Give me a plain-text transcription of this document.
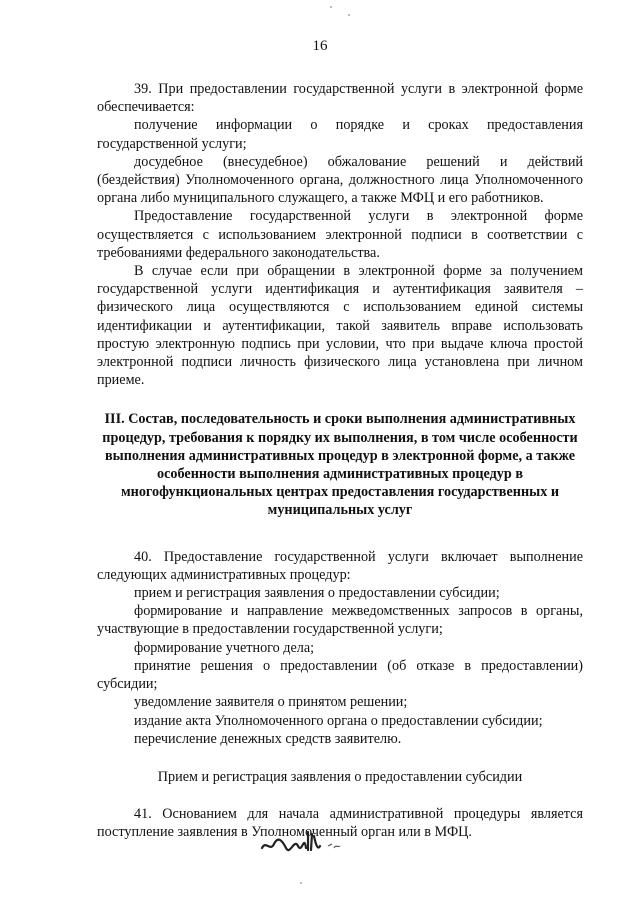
16

39. При предоставлении государственной услуги в электронной форме обеспечивается:

получение информации о порядке и сроках предоставления государственной услуги;

досудебное (внесудебное) обжалование решений и действий (бездействия) Уполномоченного органа, должностного лица Уполномоченного органа либо муниципального служащего, а также МФЦ и его работников.

Предоставление государственной услуги в электронной форме осуществляется с использованием электронной подписи в соответствии с требованиями федерального законодательства.

В случае если при обращении в электронной форме за получением государственной услуги идентификация и аутентификация заявителя – физического лица осуществляются с использованием единой системы идентификации и аутентификации, такой заявитель вправе использовать простую электронную подпись при условии, что при выдаче ключа простой электронной подписи личность физического лица установлена при личном приеме.

III. Состав, последовательность и сроки выполнения административных процедур, требования к порядку их выполнения, в том числе особенности выполнения административных процедур в электронной форме, а также особенности выполнения административных процедур в многофункциональных центрах предоставления государственных и муниципальных услуг

40. Предоставление государственной услуги включает выполнение следующих административных процедур:

прием и регистрация заявления о предоставлении субсидии;

формирование и направление межведомственных запросов в органы, участвующие в предоставлении государственной услуги;

формирование учетного дела;

принятие решения о предоставлении (об отказе в предоставлении) субсидии;

уведомление заявителя о принятом решении;

издание акта Уполномоченного органа о предоставлении субсидии;

перечисление денежных средств заявителю.

Прием и регистрация заявления о предоставлении субсидии

41. Основанием для начала административной процедуры является поступление заявления в Уполномоченный орган или в МФЦ.
